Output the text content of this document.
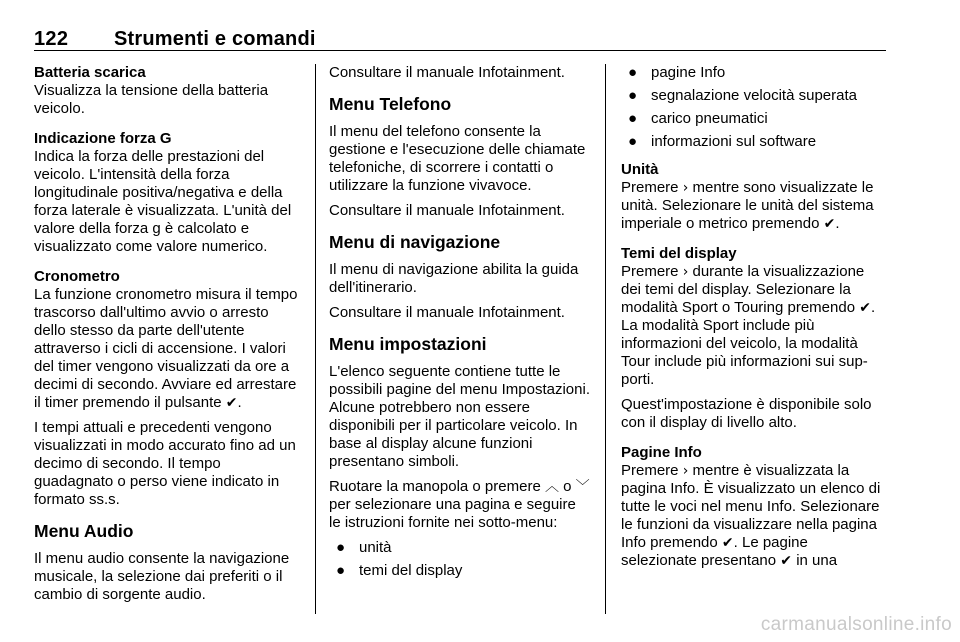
122 Strumenti e comandi
Batteria scarica

Visualizza la tensione della batteria veicolo.

Indicazione forza G

Indica la forza delle prestazioni del veicolo. L'intensità della forza longitudinale positiva/negativa e della forza laterale è visualizzata. L'unità del valore della forza g è calcolato e visualizzato come valore numerico.

Cronometro

La funzione cronometro misura il tempo trascorso dall'ultimo avvio o arresto dello stesso da parte dell'utente attraverso i cicli di accensione. I valori del timer vengono visualizzati da ore a decimi di secondo. Avviare ed arrestare il timer premendo il pulsante ✔.

I tempi attuali e precedenti vengono visualizzati in modo accurato fino ad un decimo di secondo. Il tempo guadagnato o perso viene indicato in formato ss.s.

Menu Audio

Il menu audio consente la navigazione musicale, la selezione dai preferiti o il cambio di sorgente audio.

Consultare il manuale Infotainment.

Menu Telefono

Il menu del telefono consente la gestione e l'esecuzione delle chiamate telefoniche, di scorrere i contatti o utilizzare la funzione vivavoce.

Consultare il manuale Infotainment.

Menu di navigazione

Il menu di navigazione abilita la guida dell'itinerario.

Consultare il manuale Infotainment.

Menu impostazioni

L'elenco seguente contiene tutte le possibili pagine del menu Impostazioni. Alcune potrebbero non essere disponibili per il particolare veicolo. In base al display alcune funzioni presentano simboli.

Ruotare la manopola o premere ︿ o ﹀ per selezionare una pagina e seguire le istruzioni fornite nei sotto-menu:

● unità
● temi del display
● pagine Info
● segnalazione velocità superata
● carico pneumatici
● informazioni sul software
Unità

Premere › mentre sono visualizzate le unità. Selezionare le unità del sistema imperiale o metrico premendo ✔.

Temi del display

Premere › durante la visualizzazione dei temi del display. Selezionare la modalità Sport o Touring premendo ✔. La modalità Sport include più informazioni del veicolo, la modalità Tour include più informazioni sui sup-porti.

Quest'impostazione è disponibile solo con il display di livello alto.

Pagine Info

Premere › mentre è visualizzata la pagina Info. È visualizzato un elenco di tutte le voci nel menu Info. Selezionare le funzioni da visualizzare nella pagina Info premendo ✔. Le pagine selezionate presentano ✔ in una

carmanualsonline.info
